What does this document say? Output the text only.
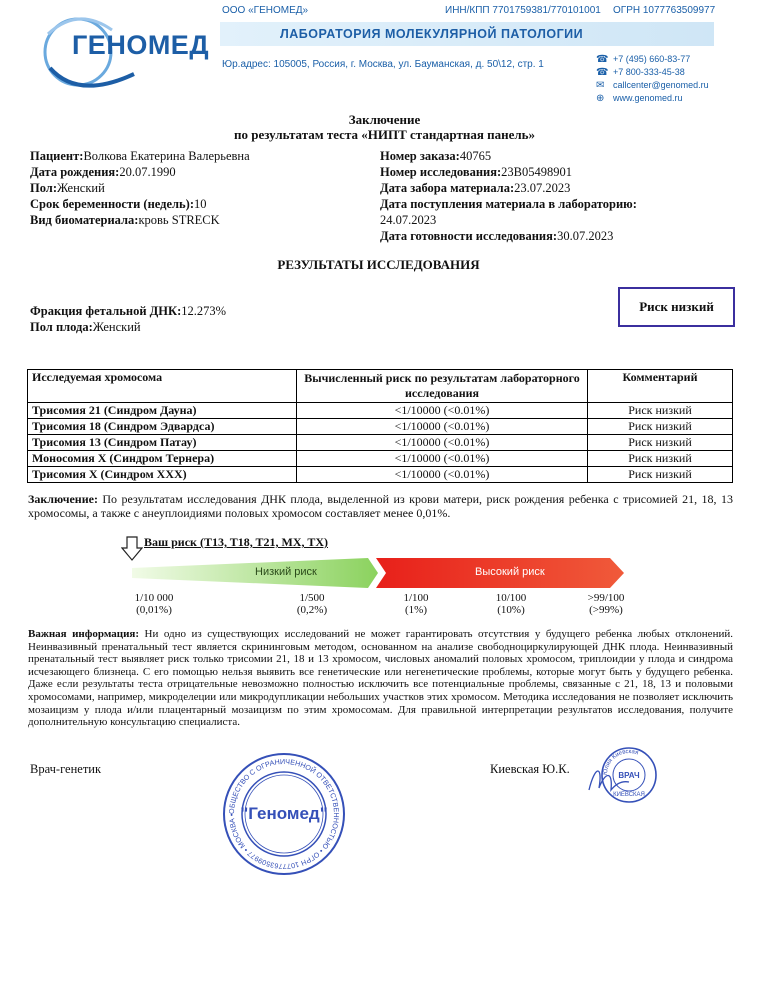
ГЕНОМЕД
ООО «ГЕНОМЕД»	ИНН/КПП 7701759381/770101001 ОГРН 1077763509977
ЛАБОРАТОРИЯ МОЛЕКУЛЯРНОЙ ПАТОЛОГИИ
Юр.адрес: 105005, Россия, г. Москва, ул. Бауманская, д. 50\12, стр. 1	☎ +7 (495) 660-83-77
☎ +7 800-333-45-38
✉ callcenter@genomed.ru
⊕ www.genomed.ru
Заключение
по результатам теста «НИПТ стандартная панель»
Пациент:Волкова Екатерина Валерьевна
Дата рождения:20.07.1990
Пол:Женский
Срок беременности (недель):10
Вид биоматериала:кровь STRECK
Номер заказа:40765
Номер исследования:23B05498901
Дата забора материала:23.07.2023
Дата поступления материала в лабораторию:
24.07.2023
Дата готовности исследования:30.07.2023
РЕЗУЛЬТАТЫ ИССЛЕДОВАНИЯ
Фракция фетальной ДНК:12.273%
Пол плода:Женский
Риск низкий
Исследуемая хромосома	Вычисленный риск по результатам лабораторного исследования	Комментарий
Трисомия 21 (Синдром Дауна)	<1/10000 (<0.01%)	Риск низкий
Трисомия 18 (Синдром Эдвардса)	<1/10000 (<0.01%)	Риск низкий
Трисомия 13 (Синдром Патау)	<1/10000 (<0.01%)	Риск низкий
Моносомия X (Синдром Тернера)	<1/10000 (<0.01%)	Риск низкий
Трисомия X (Синдром XXX)	<1/10000 (<0.01%)	Риск низкий
Заключение: По результатам исследования ДНК плода, выделенной из крови матери, риск рождения ребенка с трисомией 21, 18, 13 хромосомы, а также с анеуплоидиями половых хромосом составляет менее 0,01%.
Ваш риск (T13, T18, T21, MX, TX)
Низкий риск	Высокий риск
1/10 000
(0,01%)
1/500
(0,2%)
1/100
(1%)
10/100
(10%)
>99/100
(>99%)
Важная информация: Ни одно из существующих исследований не может гарантировать отсутствия у будущего ребенка любых отклонений. Неинвазивный пренатальный тест является скрининговым методом, основанном на анализе свободноциркулирующей ДНК плода. Неинвазивный пренатальный тест выявляет риск только трисомии 21, 18 и 13 хромосом, числовых аномалий половых хромосом, триплоидии у плода и синдрома исчезающего близнеца. С его помощью нельзя выявить все генетические или негенетические проблемы, которые могут быть у будущего ребенка. Даже если результаты теста отрицательные невозможно полностью исключить все потенциальные проблемы, связанные с 21, 18, 13 и половыми хромосомами, например, микроделеции или микродупликации небольших участков этих хромосом. Методика исследования не позволяет исключить мозаицизм у плода и/или плацентарный мозаицизм по этим хромосомам. Для правильной интерпретации результатов исследования, получите дополнительную консультацию специалиста.
Врач-генетик	Киевская Ю.К.
ОБЩЕСТВО С ОГРАНИЧЕННОЙ ОТВЕТСТВЕННОСТЬЮ • ОГРН 1077763509977 • МОСКВА • "Геномед"
Юлия Киевская
ВРАЧ
КИЕВСКАЯ
